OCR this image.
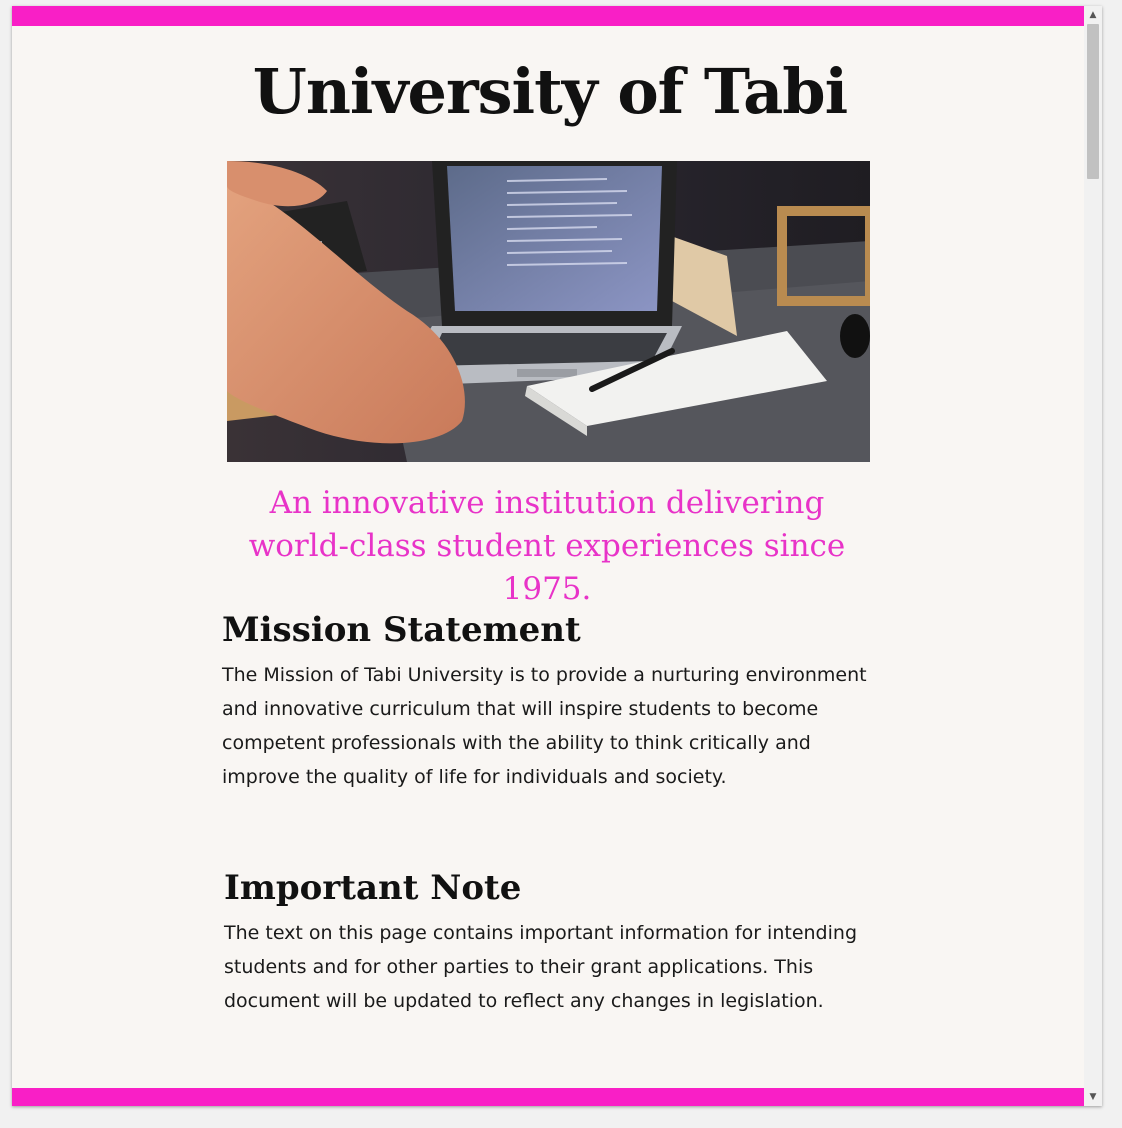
University of Tabi

An innovative institution delivering world-class student experiences since 1975.

Mission Statement

The Mission of Tabi University is to provide a nurturing environment and innovative curriculum that will inspire students to become competent professionals with the ability to think critically and improve the quality of life for individuals and society.

Important Note

The text on this page contains important information for intending students and for other parties to their grant applications. This document will be updated to reflect any changes in legislation.

▲
▼
